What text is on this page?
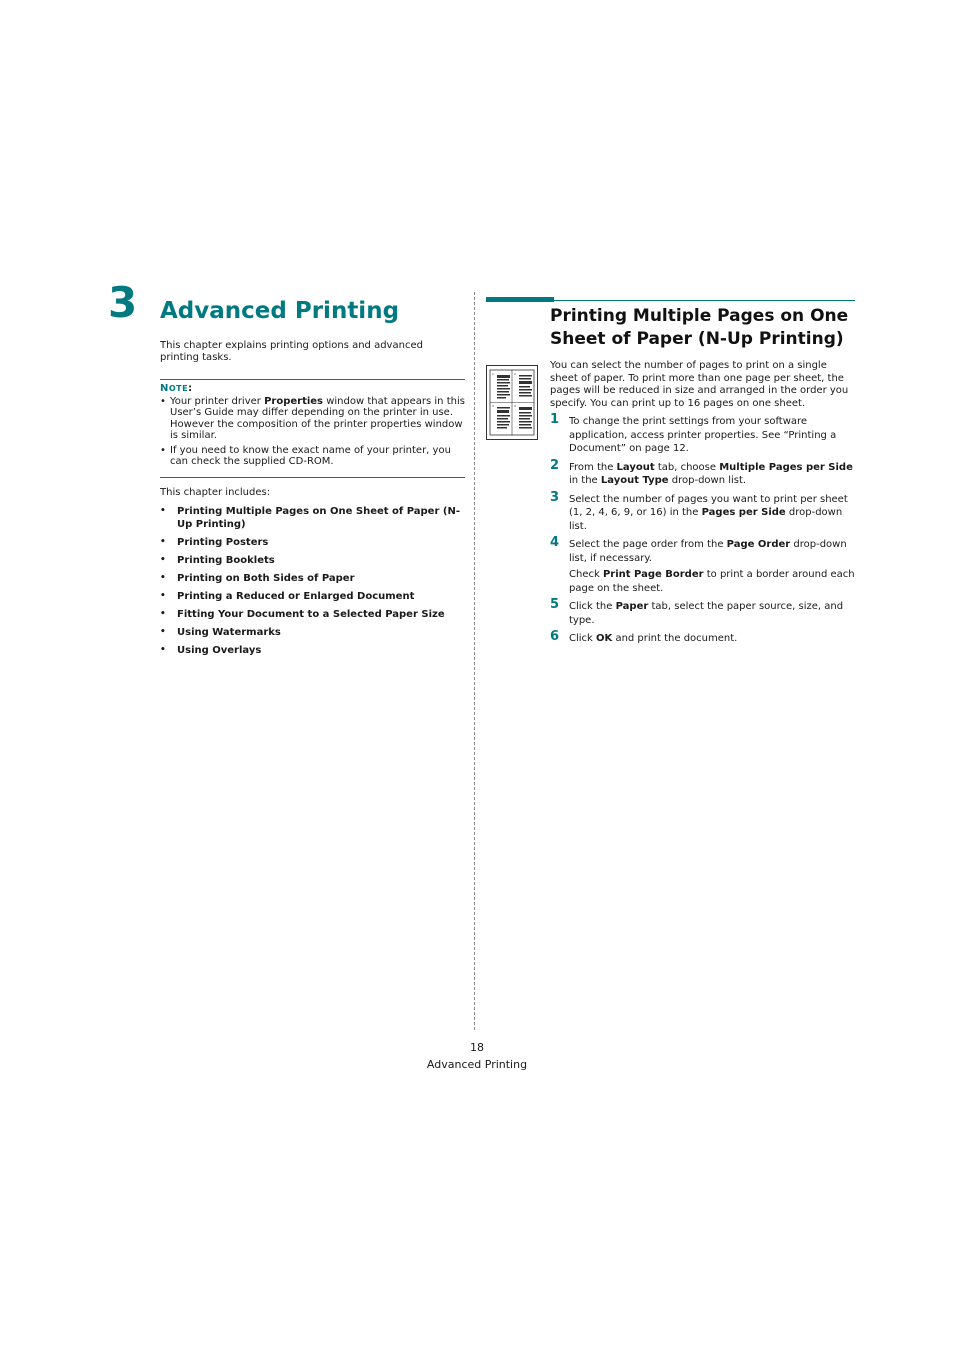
3 Advanced Printing
This chapter explains printing options and advanced printing tasks.
NOTE:
• Your printer driver Properties window that appears in this User’s Guide may differ depending on the printer in use. However the composition of the printer properties window is similar.
• If you need to know the exact name of your printer, you can check the supplied CD-ROM.
This chapter includes:
•	Printing Multiple Pages on One Sheet of Paper (N-Up Printing)
•	Printing Posters
•	Printing Booklets
•	Printing on Both Sides of Paper
•	Printing a Reduced or Enlarged Document
•	Fitting Your Document to a Selected Paper Size
•	Using Watermarks
•	Using Overlays
Printing Multiple Pages on One Sheet of Paper (N-Up Printing)
1	2
3	4
You can select the number of pages to print on a single sheet of paper. To print more than one page per sheet, the pages will be reduced in size and arranged in the order you specify. You can print up to 16 pages on one sheet.
1 To change the print settings from your software application, access printer properties. See “Printing a Document” on page 12.
2 From the Layout tab, choose Multiple Pages per Side in the Layout Type drop-down list.
3 Select the number of pages you want to print per sheet (1, 2, 4, 6, 9, or 16) in the Pages per Side drop-down list.
4 Select the page order from the Page Order drop-down list, if necessary.
Check Print Page Border to print a border around each page on the sheet.
5 Click the Paper tab, select the paper source, size, and type.
6 Click OK and print the document.
18
Advanced Printing
